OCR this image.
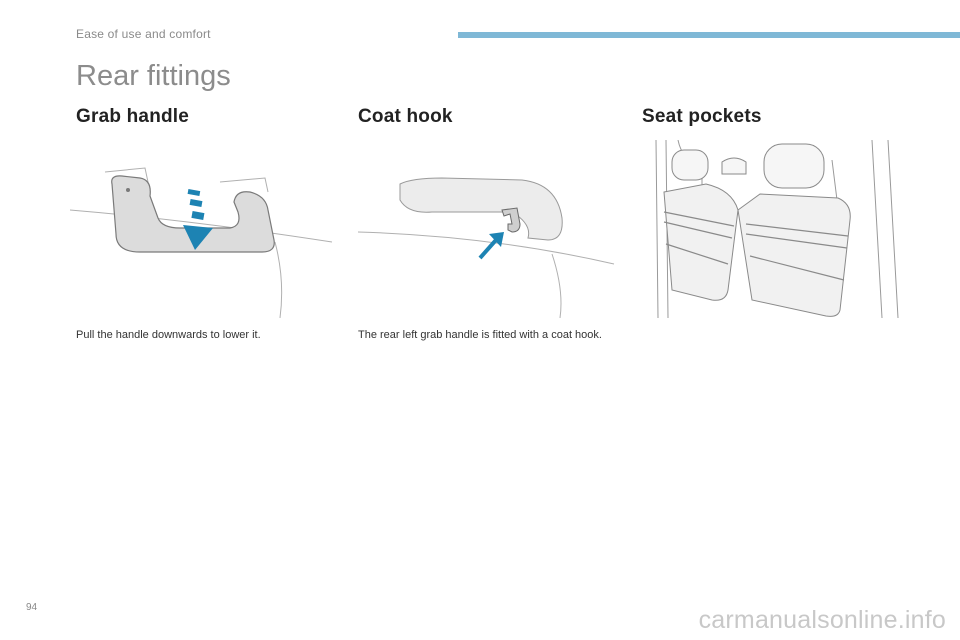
Ease of use and comfort
Rear fittings
Grab handle
Pull the handle downwards to lower it.
Coat hook
The rear left grab handle is fitted with a coat hook.
Seat pockets
94	carmanualsonline.info
